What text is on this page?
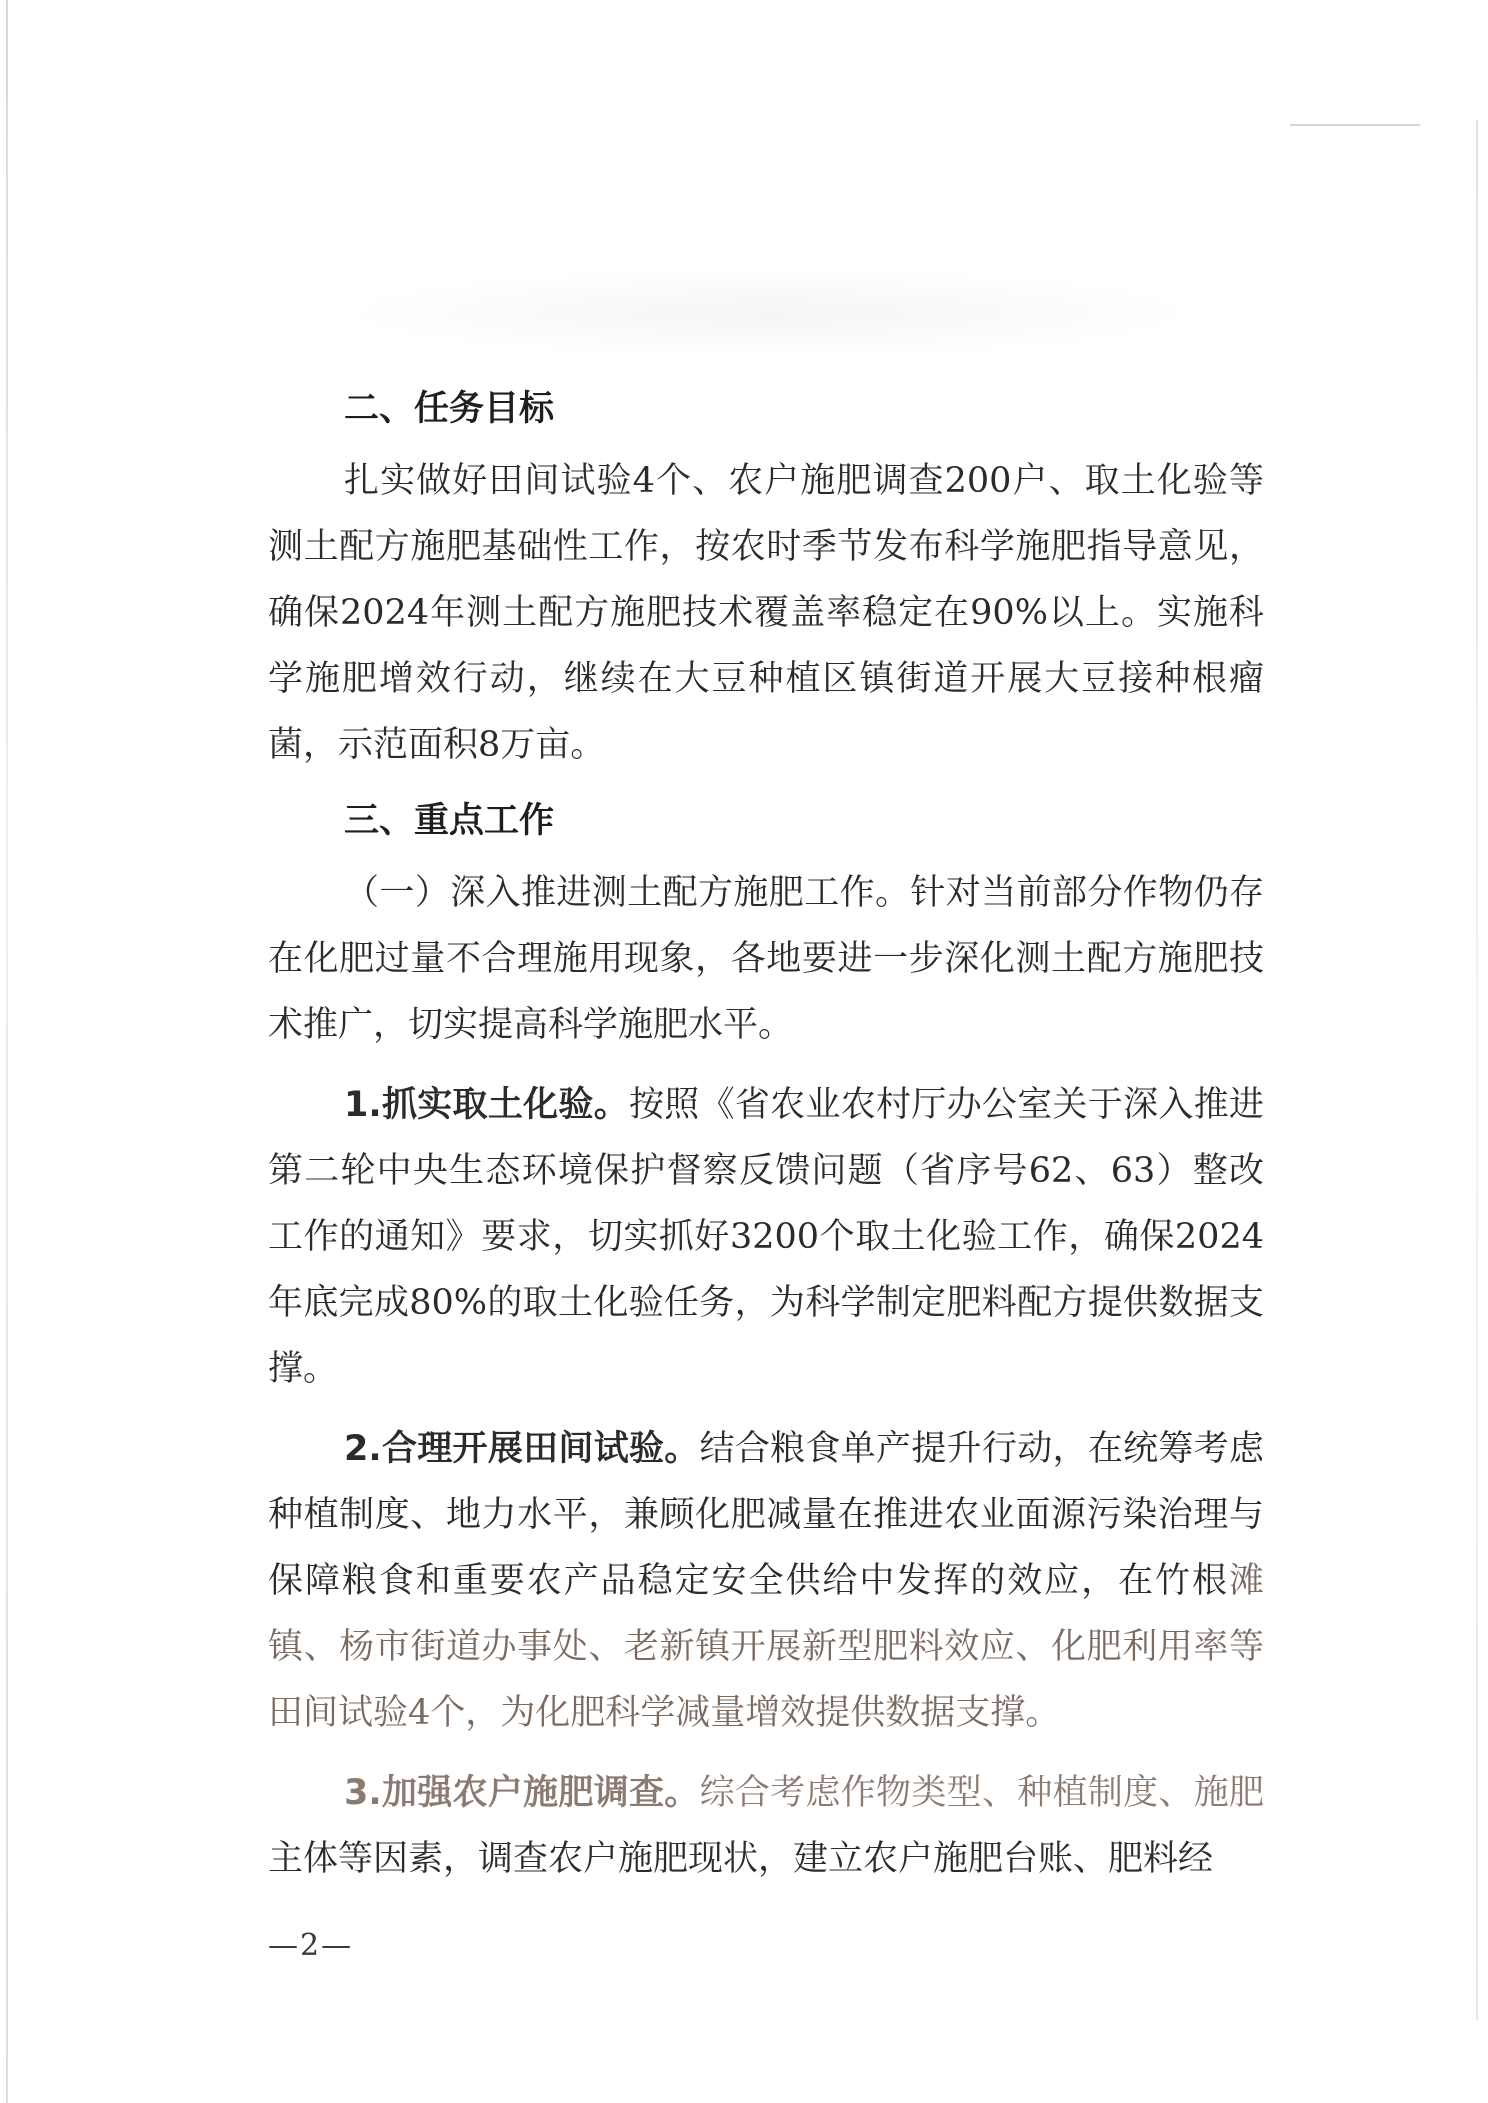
二、任务目标

扎实做好田间试验4个、农户施肥调查200户、取土化验等测土配方施肥基础性工作，按农时季节发布科学施肥指导意见，确保2024年测土配方施肥技术覆盖率稳定在90%以上。实施科学施肥增效行动，继续在大豆种植区镇街道开展大豆接种根瘤菌，示范面积8万亩。

三、重点工作

（一）深入推进测土配方施肥工作。针对当前部分作物仍存在化肥过量不合理施用现象，各地要进一步深化测土配方施肥技术推广，切实提高科学施肥水平。

1.抓实取土化验。按照《省农业农村厅办公室关于深入推进第二轮中央生态环境保护督察反馈问题（省序号62、63）整改工作的通知》要求，切实抓好3200个取土化验工作，确保2024年底完成80%的取土化验任务，为科学制定肥料配方提供数据支撑。

2.合理开展田间试验。结合粮食单产提升行动，在统筹考虑种植制度、地力水平，兼顾化肥减量在推进农业面源污染治理与保障粮食和重要农产品稳定安全供给中发挥的效应，在竹根滩镇、杨市街道办事处、老新镇开展新型肥料效应、化肥利用率等田间试验4个，为化肥科学减量增效提供数据支撑。

3.加强农户施肥调查。综合考虑作物类型、种植制度、施肥主体等因素，调查农户施肥现状，建立农户施肥台账、肥料经

—2—
